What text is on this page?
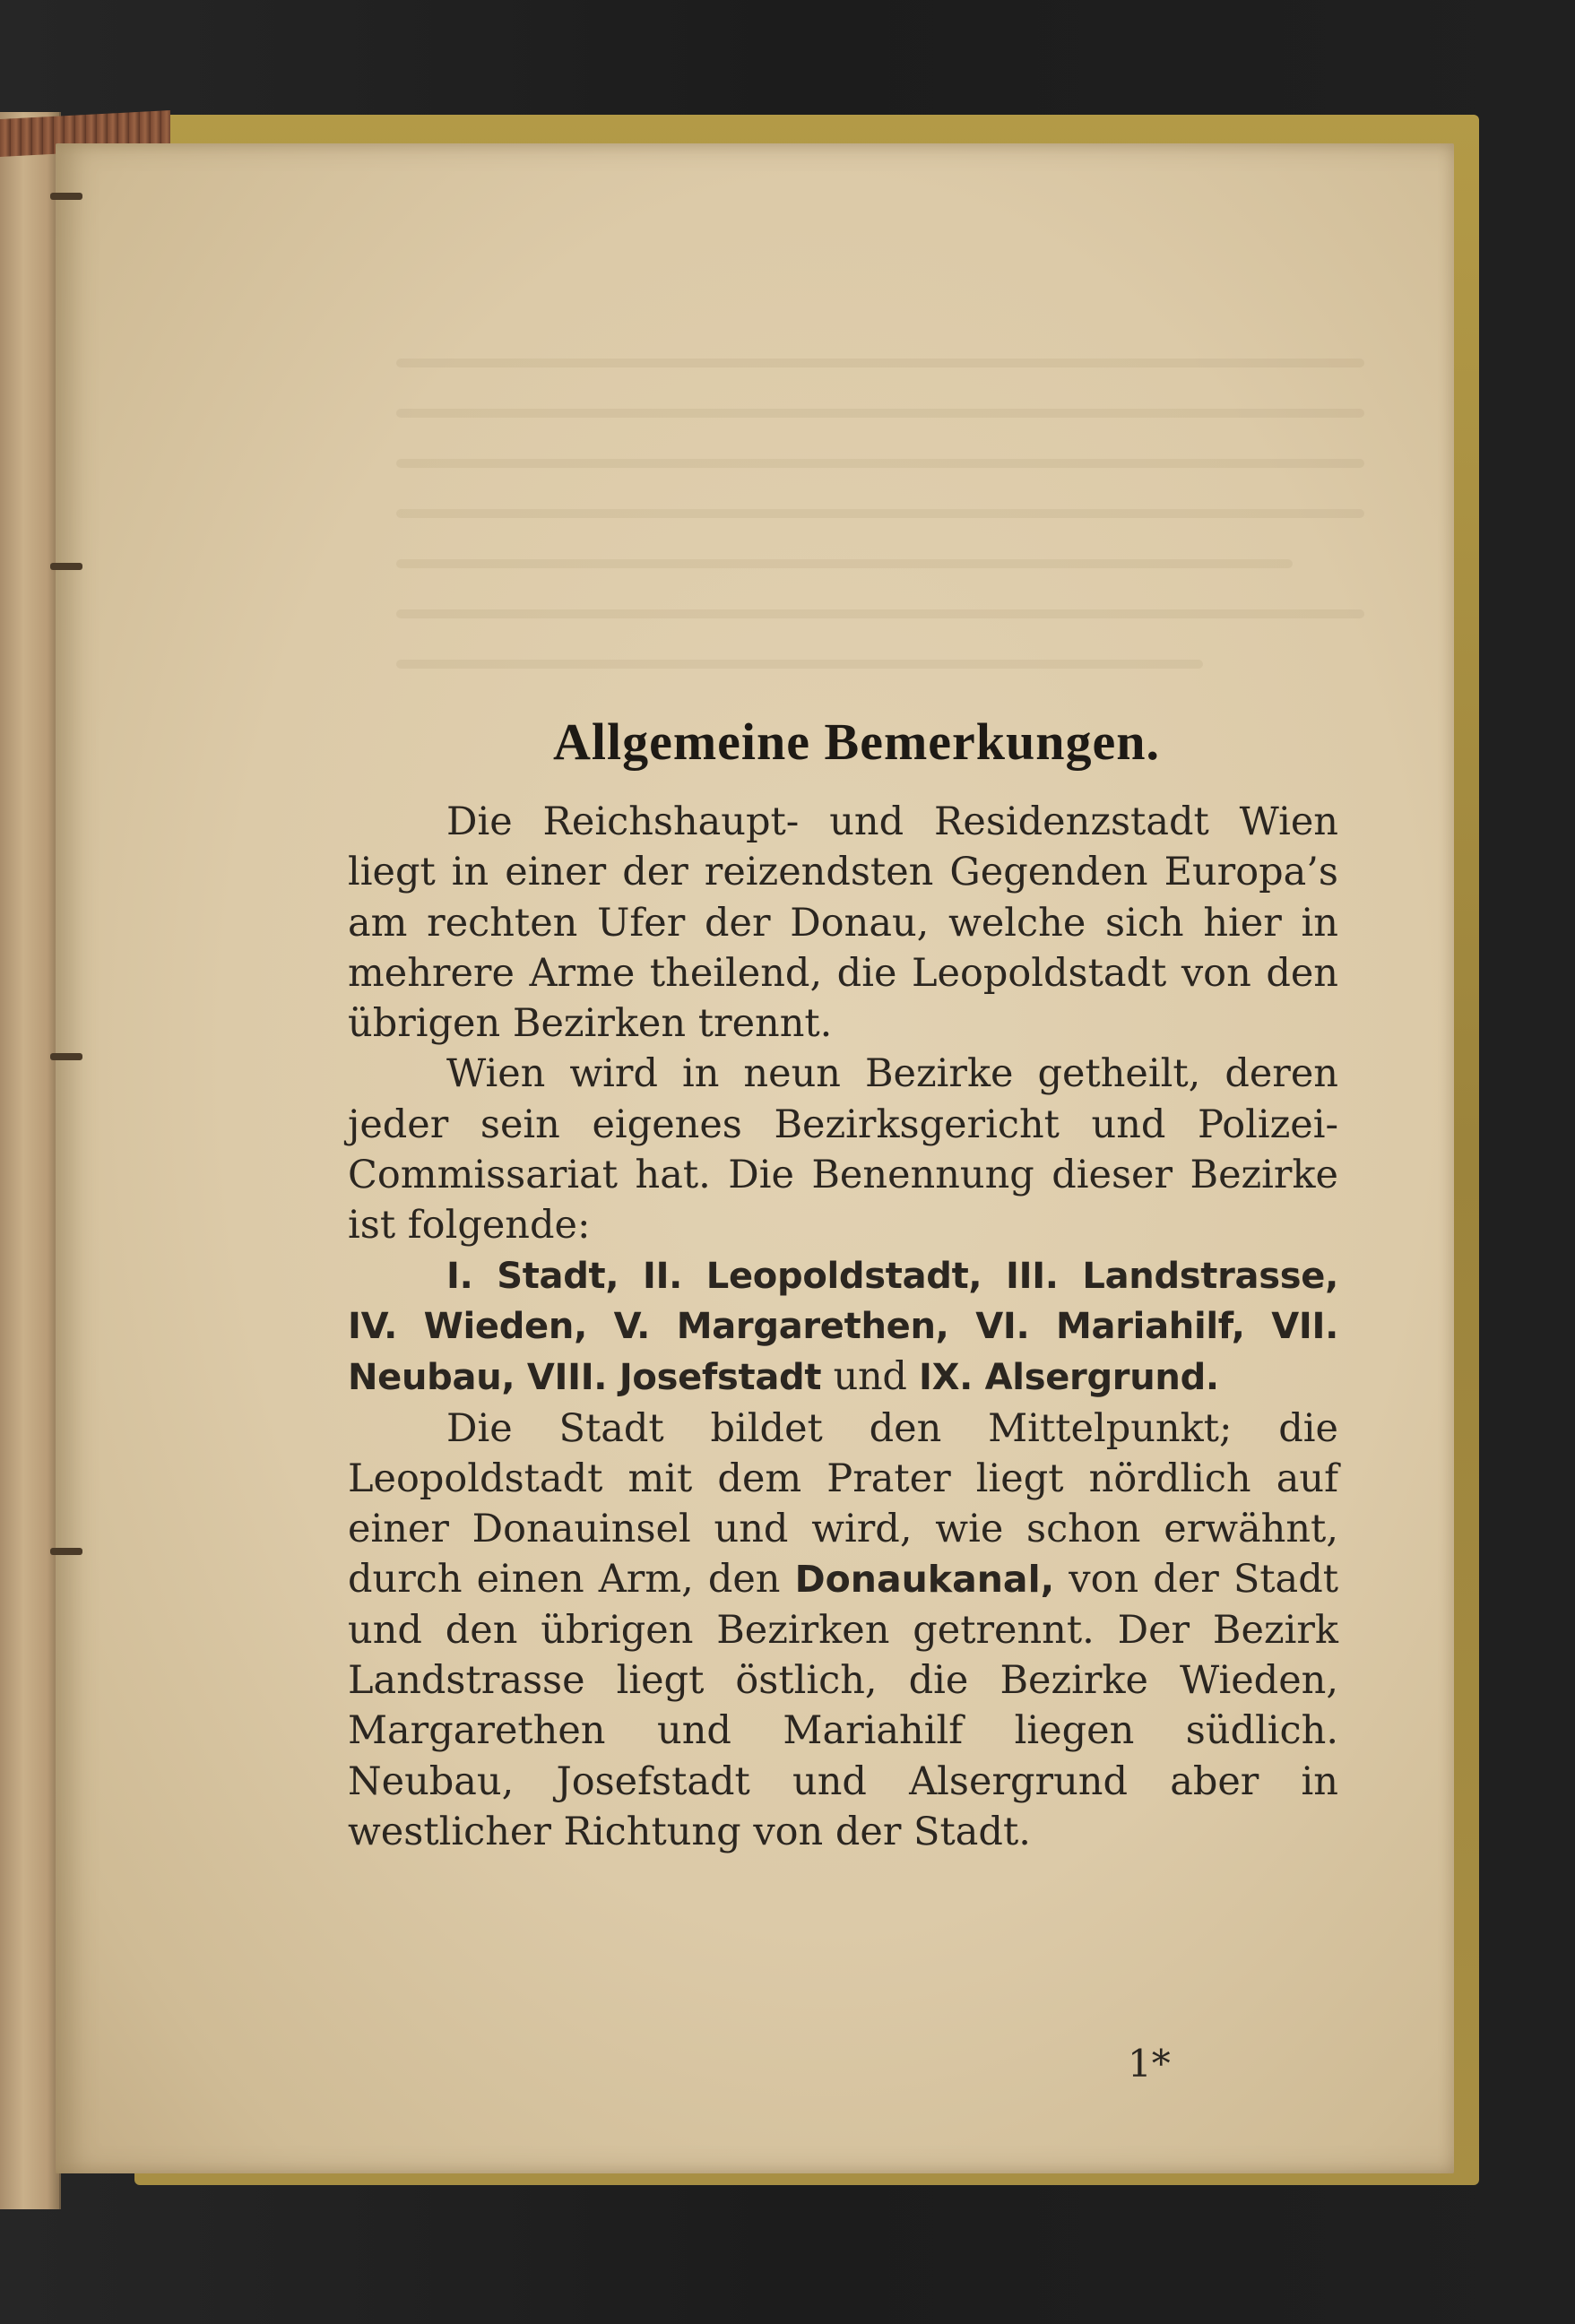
Allgemeine Bemerkungen.

Die Reichshaupt- und Residenzstadt Wien liegt in einer der reizendsten Gegenden Europa’s am rechten Ufer der Donau, welche sich hier in mehrere Arme theilend, die Leopoldstadt von den übrigen Bezirken trennt.

Wien wird in neun Bezirke getheilt, deren jeder sein eigenes Bezirksgericht und Polizei-Commissariat hat. Die Benennung dieser Bezirke ist folgende:

I. Stadt, II. Leopoldstadt, III. Landstrasse, IV. Wieden, V. Margarethen, VI. Mariahilf, VII. Neubau, VIII. Josefstadt und IX. Alsergrund.

Die Stadt bildet den Mittelpunkt; die Leopoldstadt mit dem Prater liegt nördlich auf einer Donauinsel und wird, wie schon erwähnt, durch einen Arm, den Donaukanal, von der Stadt und den übrigen Bezirken getrennt. Der Bezirk Landstrasse liegt östlich, die Bezirke Wieden, Margarethen und Mariahilf liegen südlich. Neubau, Josefstadt und Alsergrund aber in westlicher Richtung von der Stadt.

1*
